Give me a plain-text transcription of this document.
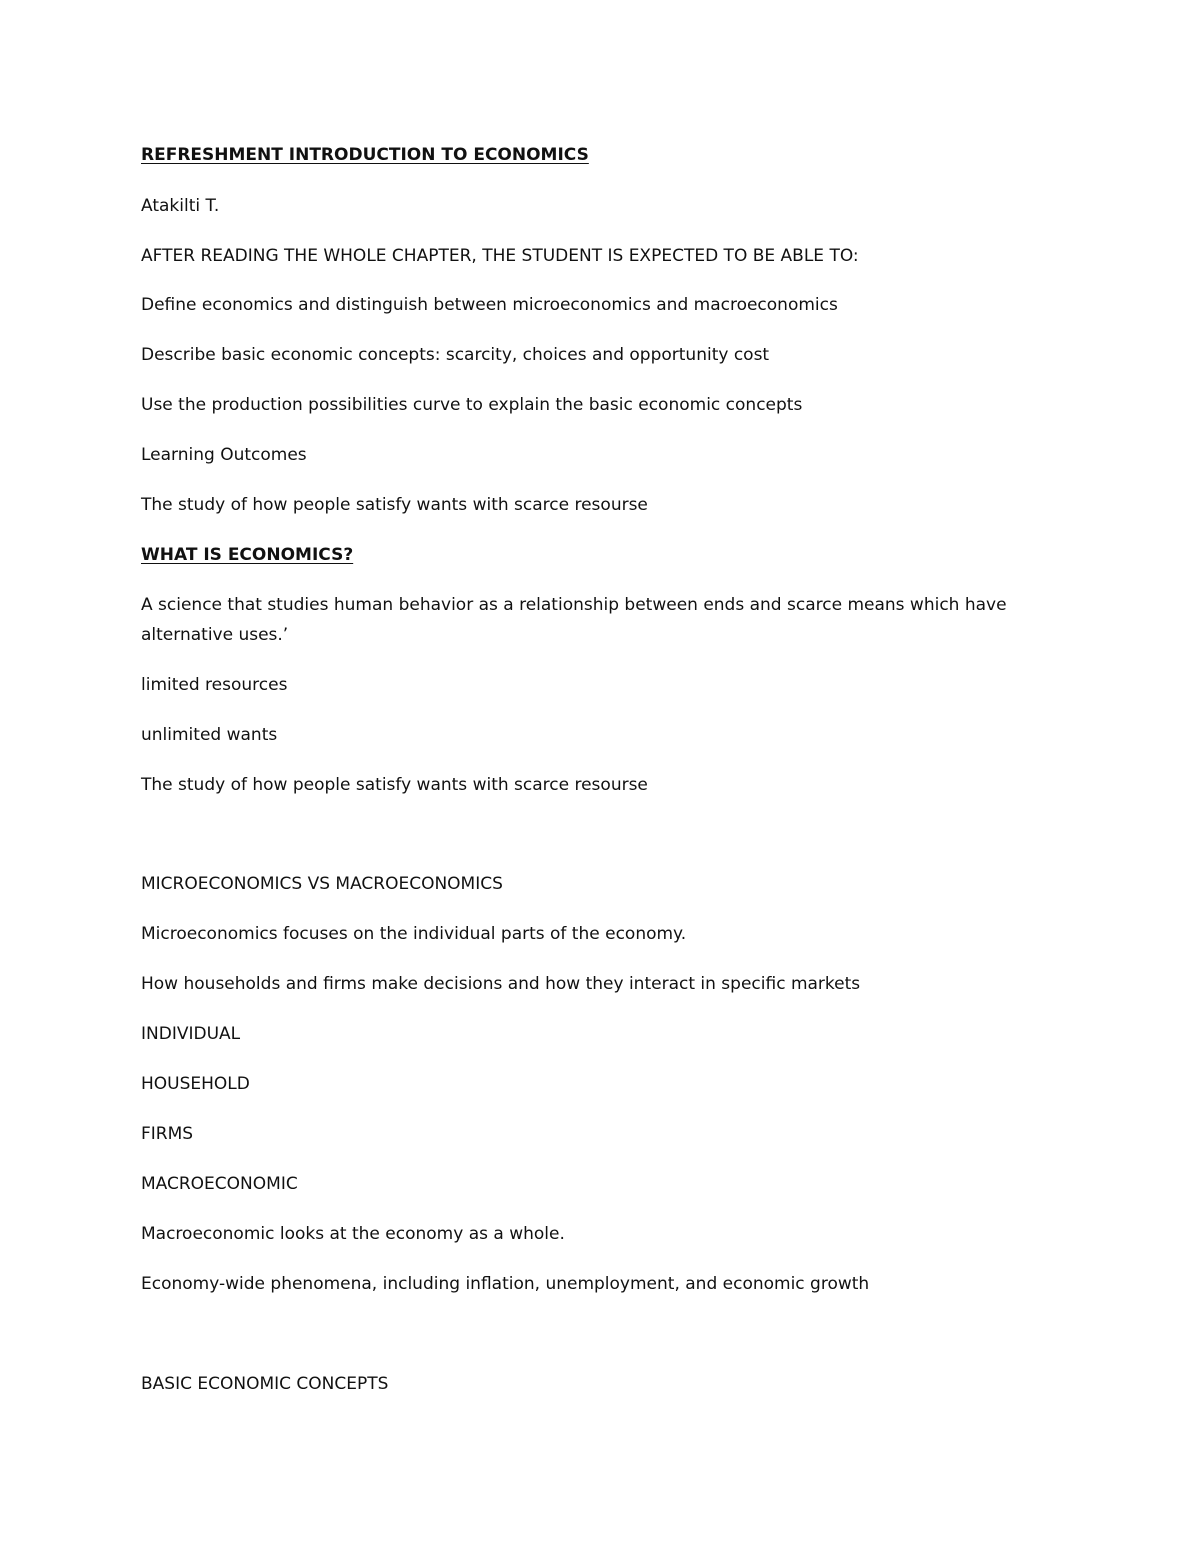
REFRESHMENT INTRODUCTION TO ECONOMICS

Atakilti T.

AFTER READING THE WHOLE CHAPTER, THE STUDENT IS EXPECTED TO BE ABLE TO:

Define economics and distinguish between microeconomics and macroeconomics

Describe basic economic concepts: scarcity, choices and opportunity cost

Use the production possibilities curve to explain the basic economic concepts

Learning Outcomes

The study of how people satisfy wants with scarce resourse

WHAT IS ECONOMICS?

A science that studies human behavior as a relationship between ends and scarce means which have alternative uses.’

limited resources

unlimited wants

The study of how people satisfy wants with scarce resourse

MICROECONOMICS VS MACROECONOMICS

Microeconomics focuses on the individual parts of the economy.

How households and firms make decisions and how they interact in specific markets

INDIVIDUAL

HOUSEHOLD

FIRMS

MACROECONOMIC

Macroeconomic looks at the economy as a whole.

Economy-wide phenomena, including inflation, unemployment, and economic growth

BASIC ECONOMIC CONCEPTS
